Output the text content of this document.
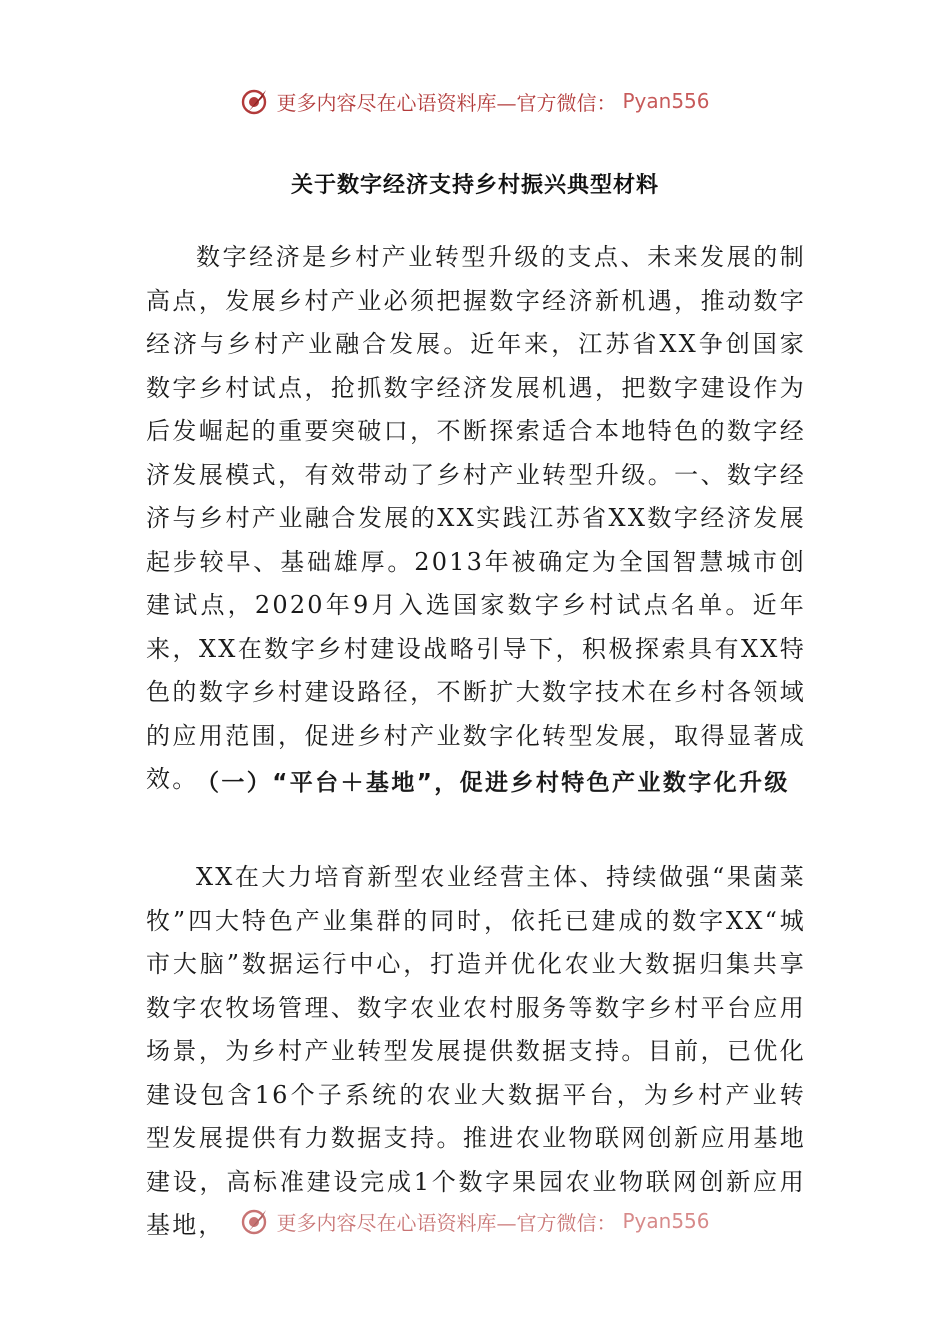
更多内容尽在心语资料库—官方微信： Pyan556
关于数字经济支持乡村振兴典型材料

数字经济是乡村产业转型升级的支点、未来发展的制高点，发展乡村产业必须把握数字经济新机遇，推动数字经济与乡村产业融合发展。近年来，江苏省XX争创国家数字乡村试点，抢抓数字经济发展机遇，把数字建设作为后发崛起的重要突破口，不断探索适合本地特色的数字经济发展模式，有效带动了乡村产业转型升级。一、数字经济与乡村产业融合发展的XX实践江苏省XX数字经济发展起步较早、基础雄厚。2013年被确定为全国智慧城市创建试点，2020年9月入选国家数字乡村试点名单。近年来，XX在数字乡村建设战略引导下，积极探索具有XX特色的数字乡村建设路径，不断扩大数字技术在乡村各领域的应用范围，促进乡村产业数字化转型发展，取得显著成效。

（一）“平台＋基地”，促进乡村特色产业数字化升级

XX在大力培育新型农业经营主体、持续做强“果菌菜牧”四大特色产业集群的同时，依托已建成的数字XX“城市大脑”数据运行中心，打造并优化农业大数据归集共享数字农牧场管理、数字农业农村服务等数字乡村平台应用场景，为乡村产业转型发展提供数据支持。目前，已优化建设包含16个子系统的农业大数据平台，为乡村产业转型发展提供有力数据支持。推进农业物联网创新应用基地建设，高标准建设完成1个数字果园农业物联网创新应用基地，	更多内容尽在心语资料库—官方微信： Pyan556
